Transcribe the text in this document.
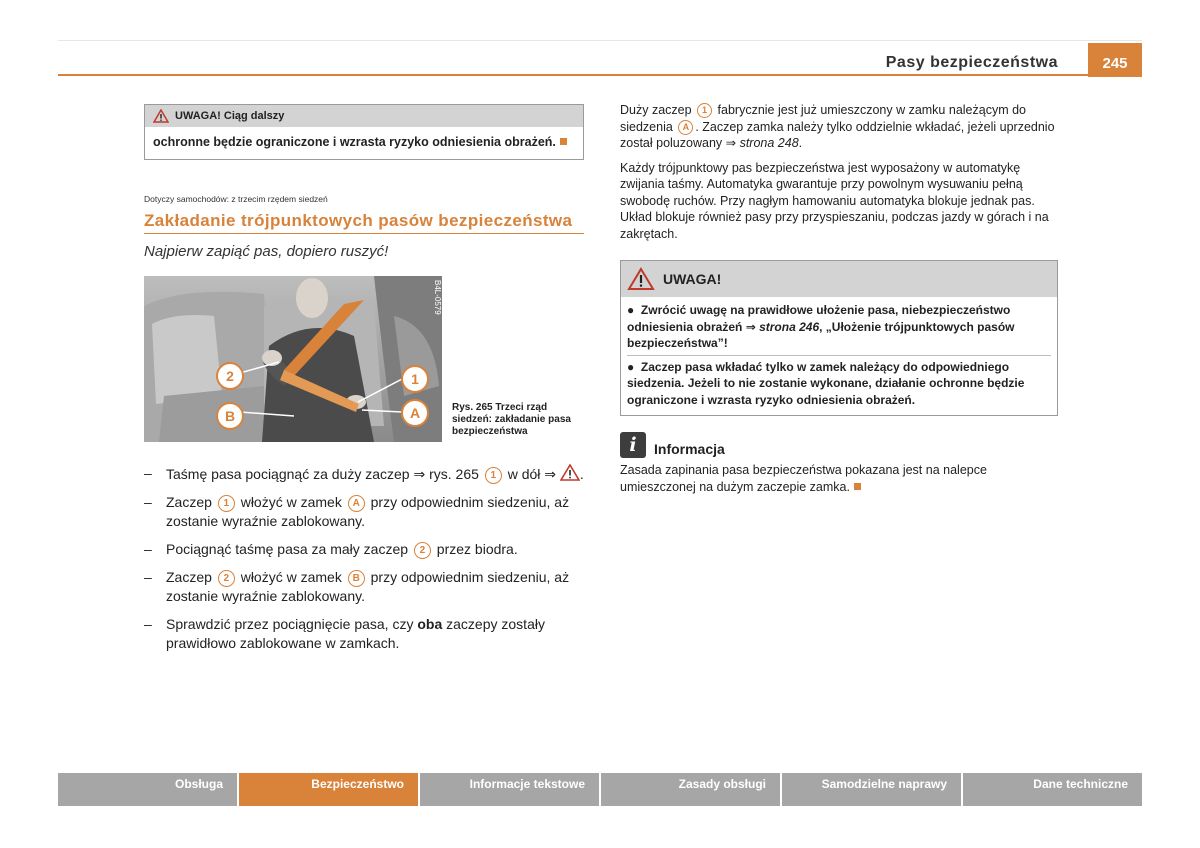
Pasy bezpieczeństwa	245
UWAGA! Ciąg dalszy
ochronne będzie ograniczone i wzrasta ryzyko odniesienia obrażeń.
Dotyczy samochodów: z trzecim rzędem siedzeń
Zakładanie trójpunktowych pasów bezpieczeństwa
Najpierw zapiąć pas, dopiero ruszyć!
2
B
1
A
B4L-0579
Rys. 265 Trzeci rząd siedzeń: zakładanie pasa bezpieczeństwa
– Taśmę pasa pociągnąć za duży zaczep ⇒ rys. 265 1 w dół ⇒ .
– Zaczep 1 włożyć w zamek A przy odpowiednim siedzeniu, aż zostanie wyraźnie zablokowany.
– Pociągnąć taśmę pasa za mały zaczep 2 przez biodra.
– Zaczep 2 włożyć w zamek B przy odpowiednim siedzeniu, aż zostanie wyraźnie zablokowany.
– Sprawdzić przez pociągnięcie pasa, czy oba zaczepy zostały prawidłowo zablokowane w zamkach.

Duży zaczep 1 fabrycznie jest już umieszczony w zamku należącym do siedzenia A . Zaczep zamka należy tylko oddzielnie wkładać, jeżeli uprzednio został poluzowany ⇒ strona 248.

Każdy trójpunktowy pas bezpieczeństwa jest wyposażony w automatykę zwijania taśmy. Automatyka gwarantuje przy powolnym wysuwaniu pełną swobodę ruchów. Przy nagłym hamowaniu automatyka blokuje jednak pas. Układ blokuje również pasy przy przyspieszaniu, podczas jazdy w górach i na zakrętach.

UWAGA!
●  Zwrócić uwagę na prawidłowe ułożenie pasa, niebezpieczeństwo odniesienia obrażeń ⇒ strona 246, „Ułożenie trójpunktowych pasów bezpieczeństwa”!
●  Zaczep pasa wkładać tylko w zamek należący do odpowiedniego siedzenia. Jeżeli to nie zostanie wykonane, działanie ochronne będzie ograniczone i wzrasta ryzyko odniesienia obrażeń.
i	Informacja
Zasada zapinania pasa bezpieczeństwa pokazana jest na nalepce umieszczonej na dużym zaczepie zamka.
Obsługa	Bezpieczeństwo	Informacje tekstowe	Zasady obsługi	Samodzielne naprawy	Dane techniczne
